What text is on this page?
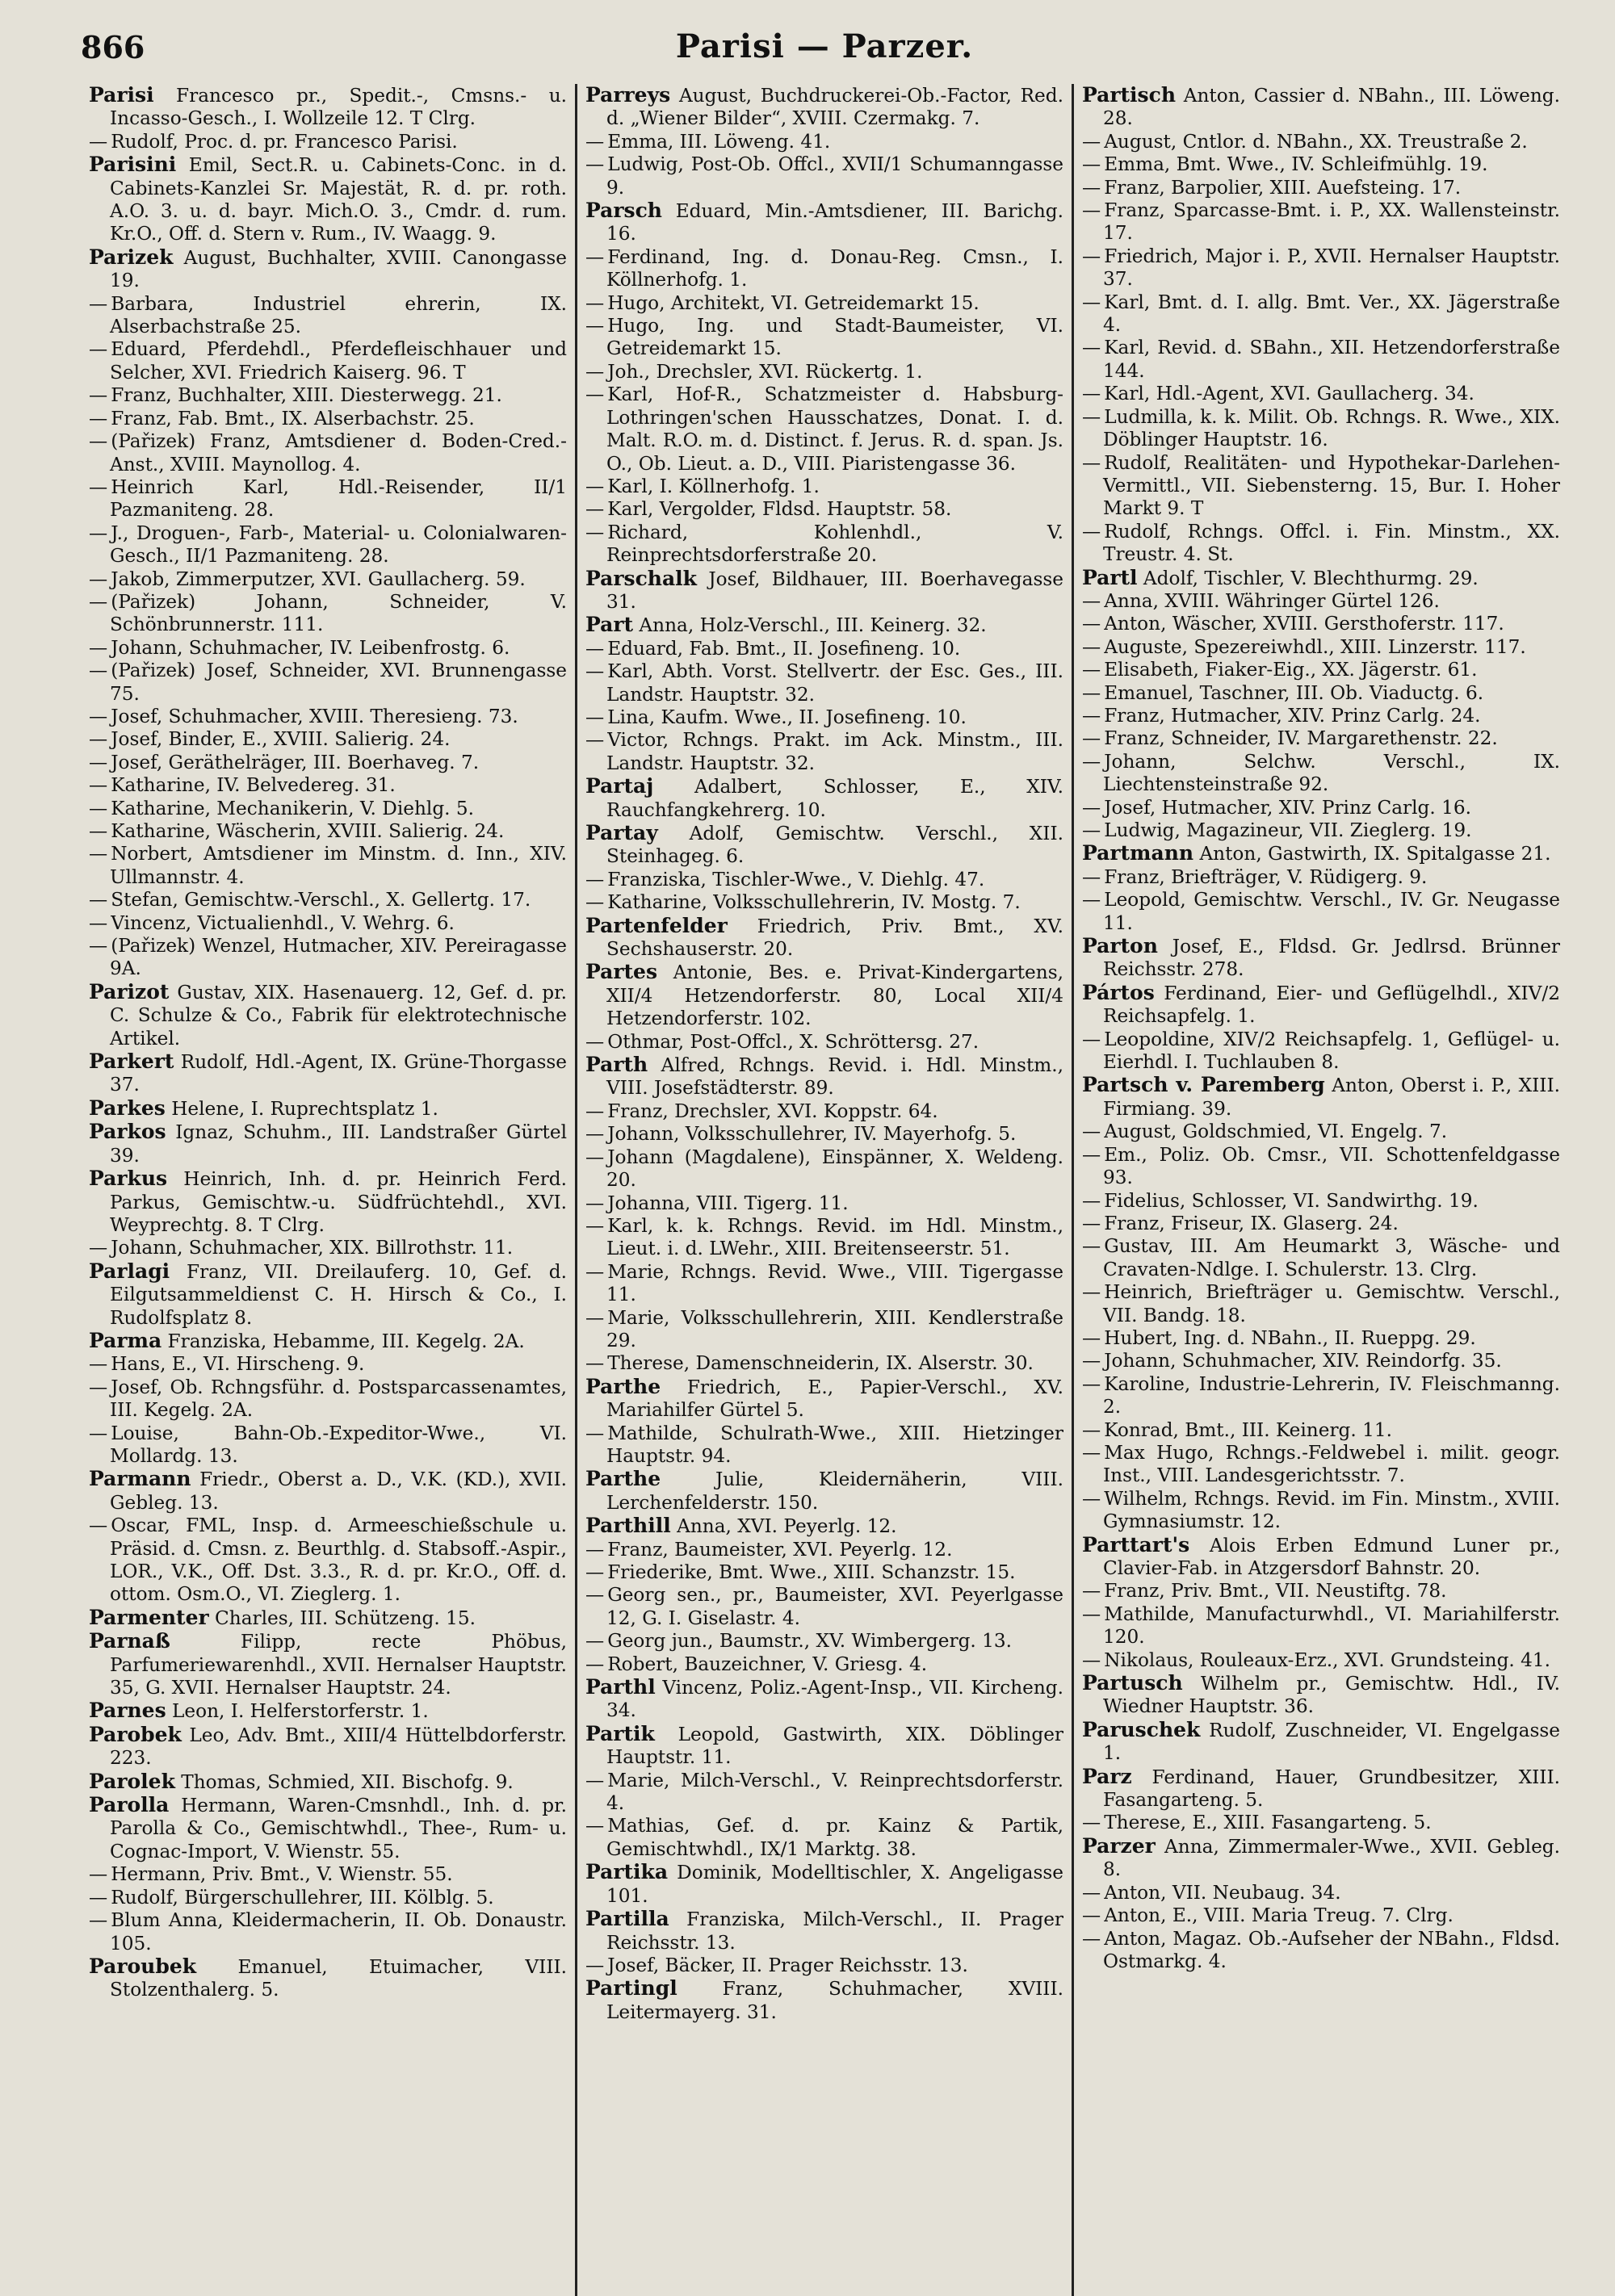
866	Parisi — Parzer.
Parisi Francesco pr., Spedit.-, Cmsns.- u. Incasso-Gesch., I. Wollzeile 12. T Clrg.
— Rudolf, Proc. d. pr. Francesco Parisi.
Parisini Emil, Sect.R. u. Cabinets-Conc. in d. Cabinets-Kanzlei Sr. Majestät, R. d. pr. roth. A.O. 3. u. d. bayr. Mich.O. 3., Cmdr. d. rum. Kr.O., Off. d. Stern v. Rum., IV. Waagg. 9.
Parizek August, Buchhalter, XVIII. Canongasse 19.
— Barbara, Industriel ehrerin, IX. Alserbachstraße 25.
— Eduard, Pferdehdl., Pferdefleischhauer und Selcher, XVI. Friedrich Kaiserg. 96. T
— Franz, Buchhalter, XIII. Diesterwegg. 21.
— Franz, Fab. Bmt., IX. Alserbachstr. 25.
— (Pařizek) Franz, Amtsdiener d. Boden-Cred.-Anst., XVIII. Maynollog. 4.
— Heinrich Karl, Hdl.-Reisender, II/1 Pazmaniteng. 28.
— J., Droguen-, Farb-, Material- u. Colonialwaren-Gesch., II/1 Pazmaniteng. 28.
— Jakob, Zimmerputzer, XVI. Gaullacherg. 59.
— (Pařizek) Johann, Schneider, V. Schönbrunnerstr. 111.
— Johann, Schuhmacher, IV. Leibenfrostg. 6.
— (Pařizek) Josef, Schneider, XVI. Brunnengasse 75.
— Josef, Schuhmacher, XVIII. Theresieng. 73.
— Josef, Binder, E., XVIII. Salierig. 24.
— Josef, Geräthelräger, III. Boerhaveg. 7.
— Katharine, IV. Belvedereg. 31.
— Katharine, Mechanikerin, V. Diehlg. 5.
— Katharine, Wäscherin, XVIII. Salierig. 24.
— Norbert, Amtsdiener im Minstm. d. Inn., XIV. Ullmannstr. 4.
— Stefan, Gemischtw.-Verschl., X. Gellertg. 17.
— Vincenz, Victualienhdl., V. Wehrg. 6.
— (Pařizek) Wenzel, Hutmacher, XIV. Pereiragasse 9A.
Parizot Gustav, XIX. Hasenauerg. 12, Gef. d. pr. C. Schulze & Co., Fabrik für elektrotechnische Artikel.
Parkert Rudolf, Hdl.-Agent, IX. Grüne-Thorgasse 37.
Parkes Helene, I. Ruprechtsplatz 1.
Parkos Ignaz, Schuhm., III. Landstraßer Gürtel 39.
Parkus Heinrich, Inh. d. pr. Heinrich Ferd. Parkus, Gemischtw.-u. Südfrüchtehdl., XVI. Weyprechtg. 8. T Clrg.
— Johann, Schuhmacher, XIX. Billrothstr. 11.
Parlagi Franz, VII. Dreilauferg. 10, Gef. d. Eilgutsammeldienst C. H. Hirsch & Co., I. Rudolfsplatz 8.
Parma Franziska, Hebamme, III. Kegelg. 2A.
— Hans, E., VI. Hirscheng. 9.
— Josef, Ob. Rchngsführ. d. Postsparcassenamtes, III. Kegelg. 2A.
— Louise, Bahn-Ob.-Expeditor-Wwe., VI. Mollardg. 13.
Parmann Friedr., Oberst a. D., V.K. (KD.), XVII. Gebleg. 13.
— Oscar, FML, Insp. d. Armeeschießschule u. Präsid. d. Cmsn. z. Beurthlg. d. Stabsoff.-Aspir., LOR., V.K., Off. Dst. 3.3., R. d. pr. Kr.O., Off. d. ottom. Osm.O., VI. Zieglerg. 1.
Parmenter Charles, III. Schützeng. 15.
Parnaß	Filipp, recte Phöbus, Parfumeriewarenhdl., XVII. Hernalser Hauptstr. 35, G. XVII. Hernalser Hauptstr. 24.
Parnes Leon, I. Helferstorferstr. 1.
Parobek Leo, Adv. Bmt., XIII/4 Hüttelbdorferstr. 223.
Parolek Thomas, Schmied, XII. Bischofg. 9.
Parolla Hermann, Waren-Cmsnhdl., Inh. d. pr. Parolla & Co., Gemischtwhdl., Thee-, Rum- u. Cognac-Import, V. Wienstr. 55.
— Hermann, Priv. Bmt., V. Wienstr. 55.
— Rudolf, Bürgerschullehrer, III. Kölblg. 5.
— Blum Anna, Kleidermacherin, II. Ob. Donaustr. 105.
Paroubek Emanuel, Etuimacher, VIII. Stolzenthalerg. 5.
Parreys August, Buchdruckerei-Ob.-Factor, Red. d. „Wiener Bilder“, XVIII. Czermakg. 7.
— Emma, III. Löweng. 41.
— Ludwig, Post-Ob. Offcl., XVII/1 Schumanngasse 9.
Parsch Eduard, Min.-Amtsdiener, III. Barichg. 16.
— Ferdinand, Ing. d. Donau-Reg. Cmsn., I. Köllnerhofg. 1.
— Hugo, Architekt, VI. Getreidemarkt 15.
— Hugo, Ing. und Stadt-Baumeister, VI. Getreidemarkt 15.
— Joh., Drechsler, XVI. Rückertg. 1.
— Karl, Hof-R., Schatzmeister d. Habsburg-Lothringen'schen Hausschatzes, Donat. I. d. Malt. R.O. m. d. Distinct. f. Jerus. R. d. span. Js. O., Ob. Lieut. a. D., VIII. Piaristengasse 36.
— Karl, I. Köllnerhofg. 1.
— Karl, Vergolder, Fldsd. Hauptstr. 58.
— Richard, Kohlenhdl., V. Reinprechtsdorferstraße 20.
Parschalk Josef, Bildhauer, III. Boerhavegasse 31.
Part Anna, Holz-Verschl., III. Keinerg. 32.
— Eduard, Fab. Bmt., II. Josefineng. 10.
— Karl, Abth. Vorst. Stellvertr. der Esc. Ges., III. Landstr. Hauptstr. 32.
— Lina, Kaufm. Wwe., II. Josefineng. 10.
— Victor, Rchngs. Prakt. im Ack. Minstm., III. Landstr. Hauptstr. 32.
Partaj Adalbert, Schlosser, E., XIV. Rauchfangkehrerg. 10.
Partay Adolf, Gemischtw. Verschl., XII. Steinhageg. 6.
— Franziska, Tischler-Wwe., V. Diehlg. 47.
— Katharine, Volksschullehrerin, IV. Mostg. 7.
Partenfelder Friedrich, Priv. Bmt., XV. Sechshauserstr. 20.
Partes Antonie, Bes. e. Privat-Kindergartens, XII/4 Hetzendorferstr. 80, Local XII/4 Hetzendorferstr. 102.
— Othmar, Post-Offcl., X. Schröttersg. 27.
Parth Alfred, Rchngs. Revid. i. Hdl. Minstm., VIII. Josefstädterstr. 89.
— Franz, Drechsler, XVI. Koppstr. 64.
— Johann, Volksschullehrer, IV. Mayerhofg. 5.
— Johann (Magdalene), Einspänner, X. Weldeng. 20.
— Johanna, VIII. Tigerg. 11.
— Karl, k. k. Rchngs. Revid. im Hdl. Minstm., Lieut. i. d. LWehr., XIII. Breitenseerstr. 51.
— Marie, Rchngs. Revid. Wwe., VIII. Tigergasse 11.
— Marie, Volksschullehrerin, XIII. Kendlerstraße 29.
— Therese, Damenschneiderin, IX. Alserstr. 30.
Parthe Friedrich, E., Papier-Verschl., XV. Mariahilfer Gürtel 5.
— Mathilde, Schulrath-Wwe., XIII. Hietzinger Hauptstr. 94.
Parthe	Julie, Kleidernäherin, VIII. Lerchenfelderstr. 150.
Parthill Anna, XVI. Peyerlg. 12.
— Franz, Baumeister, XVI. Peyerlg. 12.
— Friederike, Bmt. Wwe., XIII. Schanzstr. 15.
— Georg sen., pr., Baumeister, XVI. Peyerlgasse 12, G. I. Giselastr. 4.
— Georg jun., Baumstr., XV. Wimbergerg. 13.
— Robert, Bauzeichner, V. Griesg. 4.
Parthl Vincenz, Poliz.-Agent-Insp., VII. Kircheng. 34.
Partik Leopold, Gastwirth, XIX. Döblinger Hauptstr. 11.
— Marie, Milch-Verschl., V. Reinprechtsdorferstr. 4.
— Mathias, Gef. d. pr. Kainz & Partik, Gemischtwhdl., IX/1 Marktg. 38.
Partika Dominik, Modelltischler, X. Angeligasse 101.
Partilla Franziska, Milch-Verschl., II. Prager Reichsstr. 13.
— Josef, Bäcker, II. Prager Reichsstr. 13.
Partingl Franz, Schuhmacher, XVIII. Leitermayerg. 31.
Partisch Anton, Cassier d. NBahn., III. Löweng. 28.
— August, Cntlor. d. NBahn., XX. Treustraße 2.
— Emma, Bmt. Wwe., IV. Schleifmühlg. 19.
— Franz, Barpolier, XIII. Auefsteing. 17.
— Franz, Sparcasse-Bmt. i. P., XX. Wallensteinstr. 17.
— Friedrich, Major i. P., XVII. Hernalser Hauptstr. 37.
— Karl, Bmt. d. I. allg. Bmt. Ver., XX. Jägerstraße 4.
— Karl, Revid. d. SBahn., XII. Hetzendorferstraße 144.
— Karl, Hdl.-Agent, XVI. Gaullacherg. 34.
— Ludmilla, k. k. Milit. Ob. Rchngs. R. Wwe., XIX. Döblinger Hauptstr. 16.
— Rudolf, Realitäten- und Hypothekar-Darlehen-Vermittl., VII. Siebensterng. 15, Bur. I. Hoher Markt 9. T
— Rudolf, Rchngs. Offcl. i. Fin. Minstm., XX. Treustr. 4. St.
Partl Adolf, Tischler, V. Blechthurmg. 29.
— Anna, XVIII. Währinger Gürtel 126.
— Anton, Wäscher, XVIII. Gersthoferstr. 117.
— Auguste, Spezereiwhdl., XIII. Linzerstr. 117.
— Elisabeth, Fiaker-Eig., XX. Jägerstr. 61.
— Emanuel, Taschner, III. Ob. Viaductg. 6.
— Franz, Hutmacher, XIV. Prinz Carlg. 24.
— Franz, Schneider, IV. Margarethenstr. 22.
— Johann, Selchw. Verschl., IX. Liechtensteinstraße 92.
— Josef, Hutmacher, XIV. Prinz Carlg. 16.
— Ludwig, Magazineur, VII. Zieglerg. 19.
Partmann Anton, Gastwirth, IX. Spitalgasse 21.
— Franz, Briefträger, V. Rüdigerg. 9.
— Leopold, Gemischtw. Verschl., IV. Gr. Neugasse 11.
Parton Josef, E., Fldsd. Gr. Jedlrsd. Brünner Reichsstr. 278.
Pártos Ferdinand, Eier- und Geflügelhdl., XIV/2 Reichsapfelg. 1.
— Leopoldine, XIV/2 Reichsapfelg. 1, Geflügel- u. Eierhdl. I. Tuchlauben 8.
Partsch v. Paremberg Anton, Oberst i. P., XIII. Firmiang. 39.
— August, Goldschmied, VI. Engelg. 7.
— Em., Poliz. Ob. Cmsr., VII. Schottenfeldgasse 93.
— Fidelius, Schlosser, VI. Sandwirthg. 19.
— Franz, Friseur, IX. Glaserg. 24.
— Gustav, III. Am Heumarkt 3, Wäsche- und Cravaten-Ndlge. I. Schulerstr. 13. Clrg.
— Heinrich, Briefträger u. Gemischtw. Verschl., VII. Bandg. 18.
— Hubert, Ing. d. NBahn., II. Rueppg. 29.
— Johann, Schuhmacher, XIV. Reindorfg. 35.
— Karoline, Industrie-Lehrerin, IV. Fleischmanng. 2.
— Konrad, Bmt., III. Keinerg. 11.
— Max Hugo, Rchngs.-Feldwebel i. milit. geogr. Inst., VIII. Landesgerichtsstr. 7.
— Wilhelm, Rchngs. Revid. im Fin. Minstm., XVIII. Gymnasiumstr. 12.
Parttart's Alois Erben Edmund Luner pr., Clavier-Fab. in Atzgersdorf Bahnstr. 20.
— Franz, Priv. Bmt., VII. Neustiftg. 78.
— Mathilde, Manufacturwhdl., VI. Mariahilferstr. 120.
— Nikolaus, Rouleaux-Erz., XVI. Grundsteing. 41.
Partusch Wilhelm pr., Gemischtw. Hdl., IV. Wiedner Hauptstr. 36.
Paruschek Rudolf, Zuschneider, VI. Engelgasse 1.
Parz Ferdinand, Hauer, Grundbesitzer, XIII. Fasangarteng. 5.
— Therese, E., XIII. Fasangarteng. 5.
Parzer Anna, Zimmermaler-Wwe., XVII. Gebleg. 8.
— Anton, VII. Neubaug. 34.
— Anton, E., VIII. Maria Treug. 7. Clrg.
— Anton, Magaz. Ob.-Aufseher der NBahn., Fldsd. Ostmarkg. 4.
